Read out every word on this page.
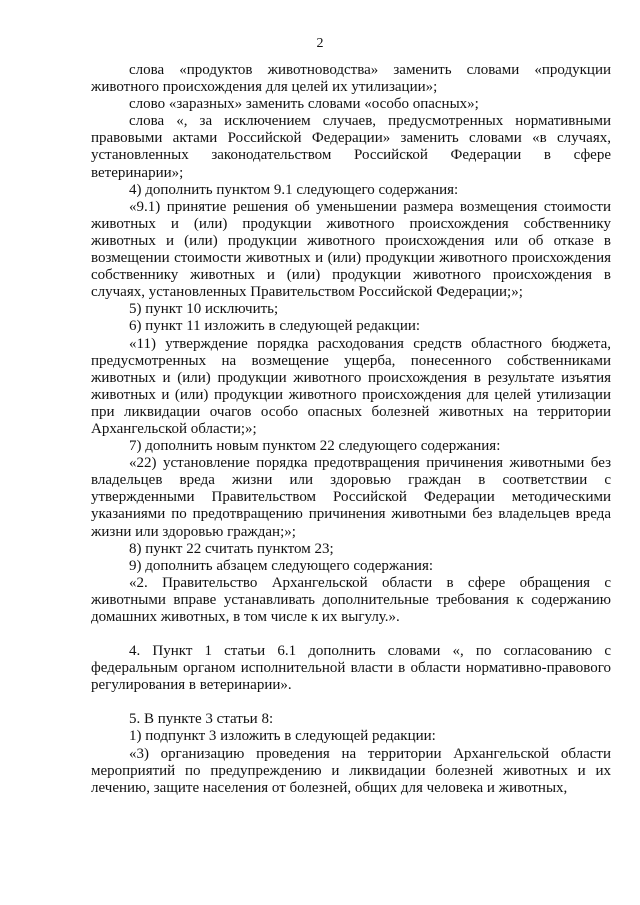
2

слова «продуктов животноводства» заменить словами «продукции животного происхождения для целей их утилизации»;

слово «заразных» заменить словами «особо опасных»;

слова «, за исключением случаев, предусмотренных нормативными правовыми актами Российской Федерации» заменить словами «в случаях, установленных законодательством Российской Федерации в сфере ветеринарии»;

4) дополнить пунктом 9.1 следующего содержания:

«9.1) принятие решения об уменьшении размера возмещения стоимости животных и (или) продукции животного происхождения собственнику животных и (или) продукции животного происхождения или об отказе в возмещении стоимости животных и (или) продукции животного происхождения собственнику животных и (или) продукции животного происхождения в случаях, установленных Правительством Российской Федерации;»;

5) пункт 10 исключить;

6) пункт 11 изложить в следующей редакции:

«11) утверждение порядка расходования средств областного бюджета, предусмотренных на возмещение ущерба, понесенного собственниками животных и (или) продукции животного происхождения в результате изъятия животных и (или) продукции животного происхождения для целей утилизации при ликвидации очагов особо опасных болезней животных на территории Архангельской области;»;

7) дополнить новым пунктом 22 следующего содержания:

«22) установление порядка предотвращения причинения животными без владельцев вреда жизни или здоровью граждан в соответствии с утвержденными Правительством Российской Федерации методическими указаниями по предотвращению причинения животными без владельцев вреда жизни или здоровью граждан;»;

8) пункт 22 считать пунктом 23;

9) дополнить абзацем следующего содержания:

«2. Правительство Архангельской области в сфере обращения с животными вправе устанавливать дополнительные требования к содержанию домашних животных, в том числе к их выгулу.».

4. Пункт 1 статьи 6.1 дополнить словами «, по согласованию с федеральным органом исполнительной власти в области нормативно-правового регулирования в ветеринарии».

5. В пункте 3 статьи 8:

1) подпункт 3 изложить в следующей редакции:

«3) организацию проведения на территории Архангельской области мероприятий по предупреждению и ликвидации болезней животных и их лечению, защите населения от болезней, общих для человека и животных,
